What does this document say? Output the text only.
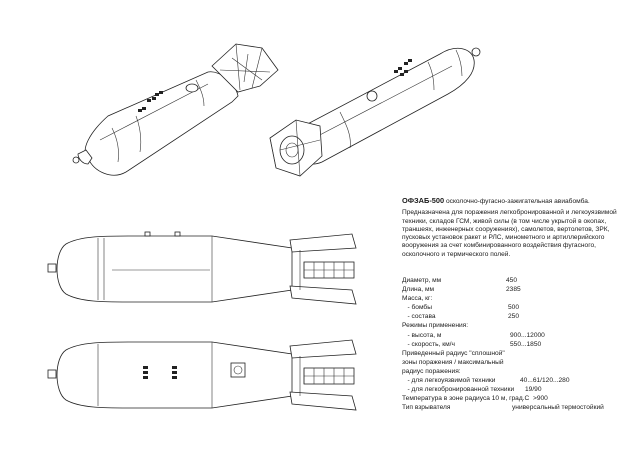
ОФЗАБ-500 осколочно-фугасно-зажигательная авиабомба.
Предназначена для поражения легкобронированной и легкоуязвимой техники, складов ГСМ, живой силы (в том числе укрытой в окопах, траншеях, инженерных сооружениях), самолетов, вертолетов, ЗРК, пусковых установок ракет и РЛС, минометного и артиллерийского вооружения за счет комбинированного воздействия фугасного, осколочного и термического полей.
Диаметр, мм	450
Длина, мм	2385
Масса, кг:
- бомбы	500
- состава	250
Режимы применения:
- высота, м	900...12000
- скорость, км/ч	550...1850
Приведенный радиус "сплошной"
зоны поражения / максимальный
радиус поражения:
- для легкоуязвимой техники	40...61/120...280
- для легкобронированной техники 19/90
Температура в зоне радиуса 10 м, град.С >900
Тип взрывателя	универсальный термостойкий
